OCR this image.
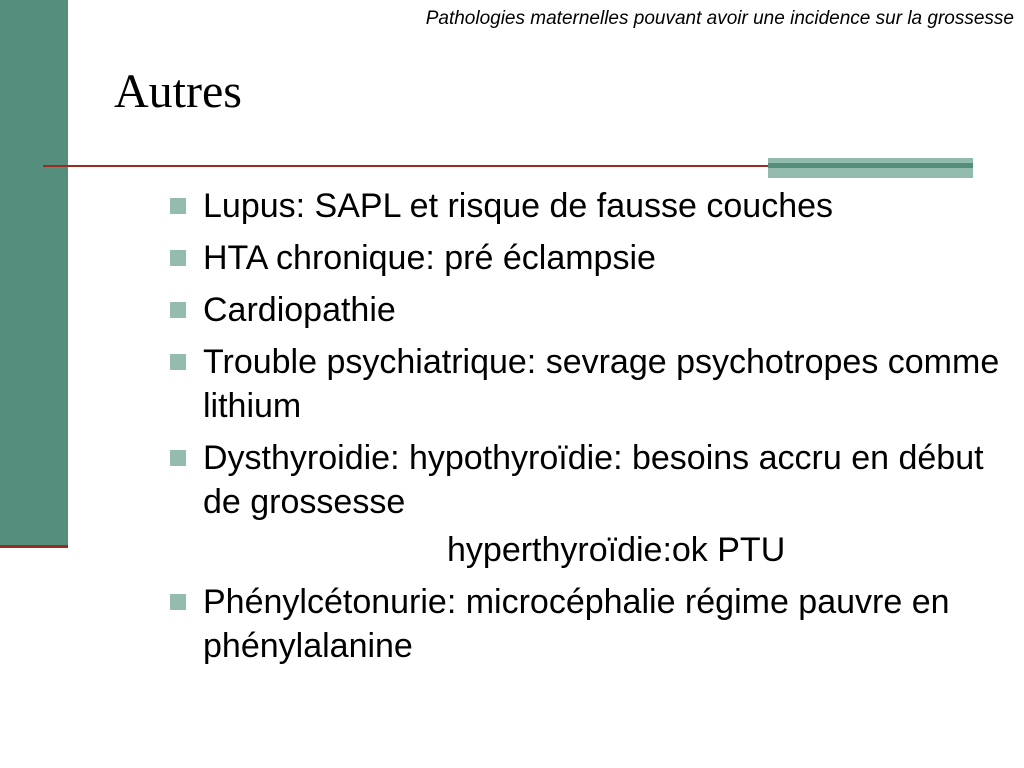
Pathologies maternelles pouvant avoir une incidence sur la grossesse
Autres
Lupus: SAPL et risque de fausse couches
HTA chronique: pré éclampsie
Cardiopathie
Trouble psychiatrique: sevrage psychotropes comme lithium
Dysthyroidie: hypothyroïdie: besoins accru en début de grossesse
hyperthyroïdie:ok PTU
Phénylcétonurie: microcéphalie régime pauvre en phénylalanine
